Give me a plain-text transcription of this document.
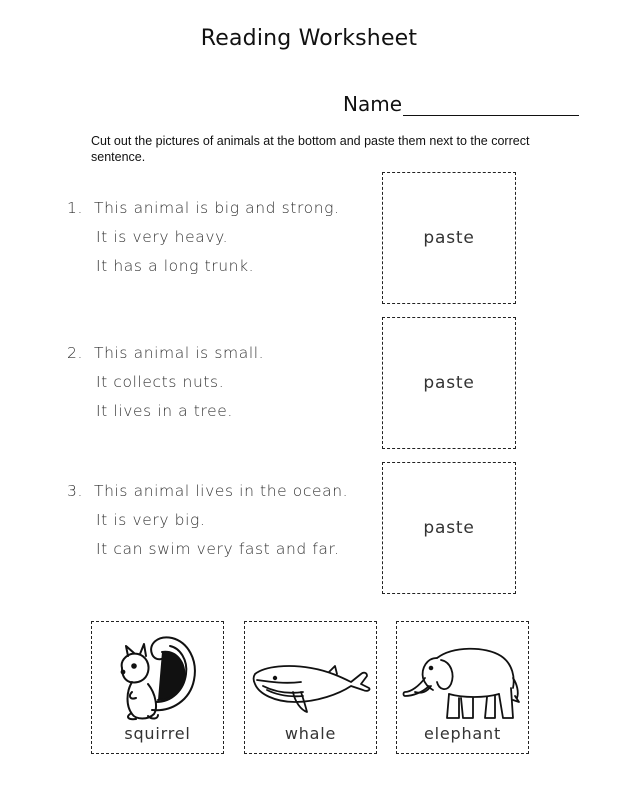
Reading Worksheet
Name
Cut out the pictures of animals at the bottom and paste them next to the correct sentence.
1. This animal is big and strong.
It is very heavy.
It has a long trunk.
2. This animal is small.
It collects nuts.
It lives in a tree.
3. This animal lives in the ocean.
It is very big.
It can swim very fast and far.
paste
paste
paste
squirrel	whale	elephant
